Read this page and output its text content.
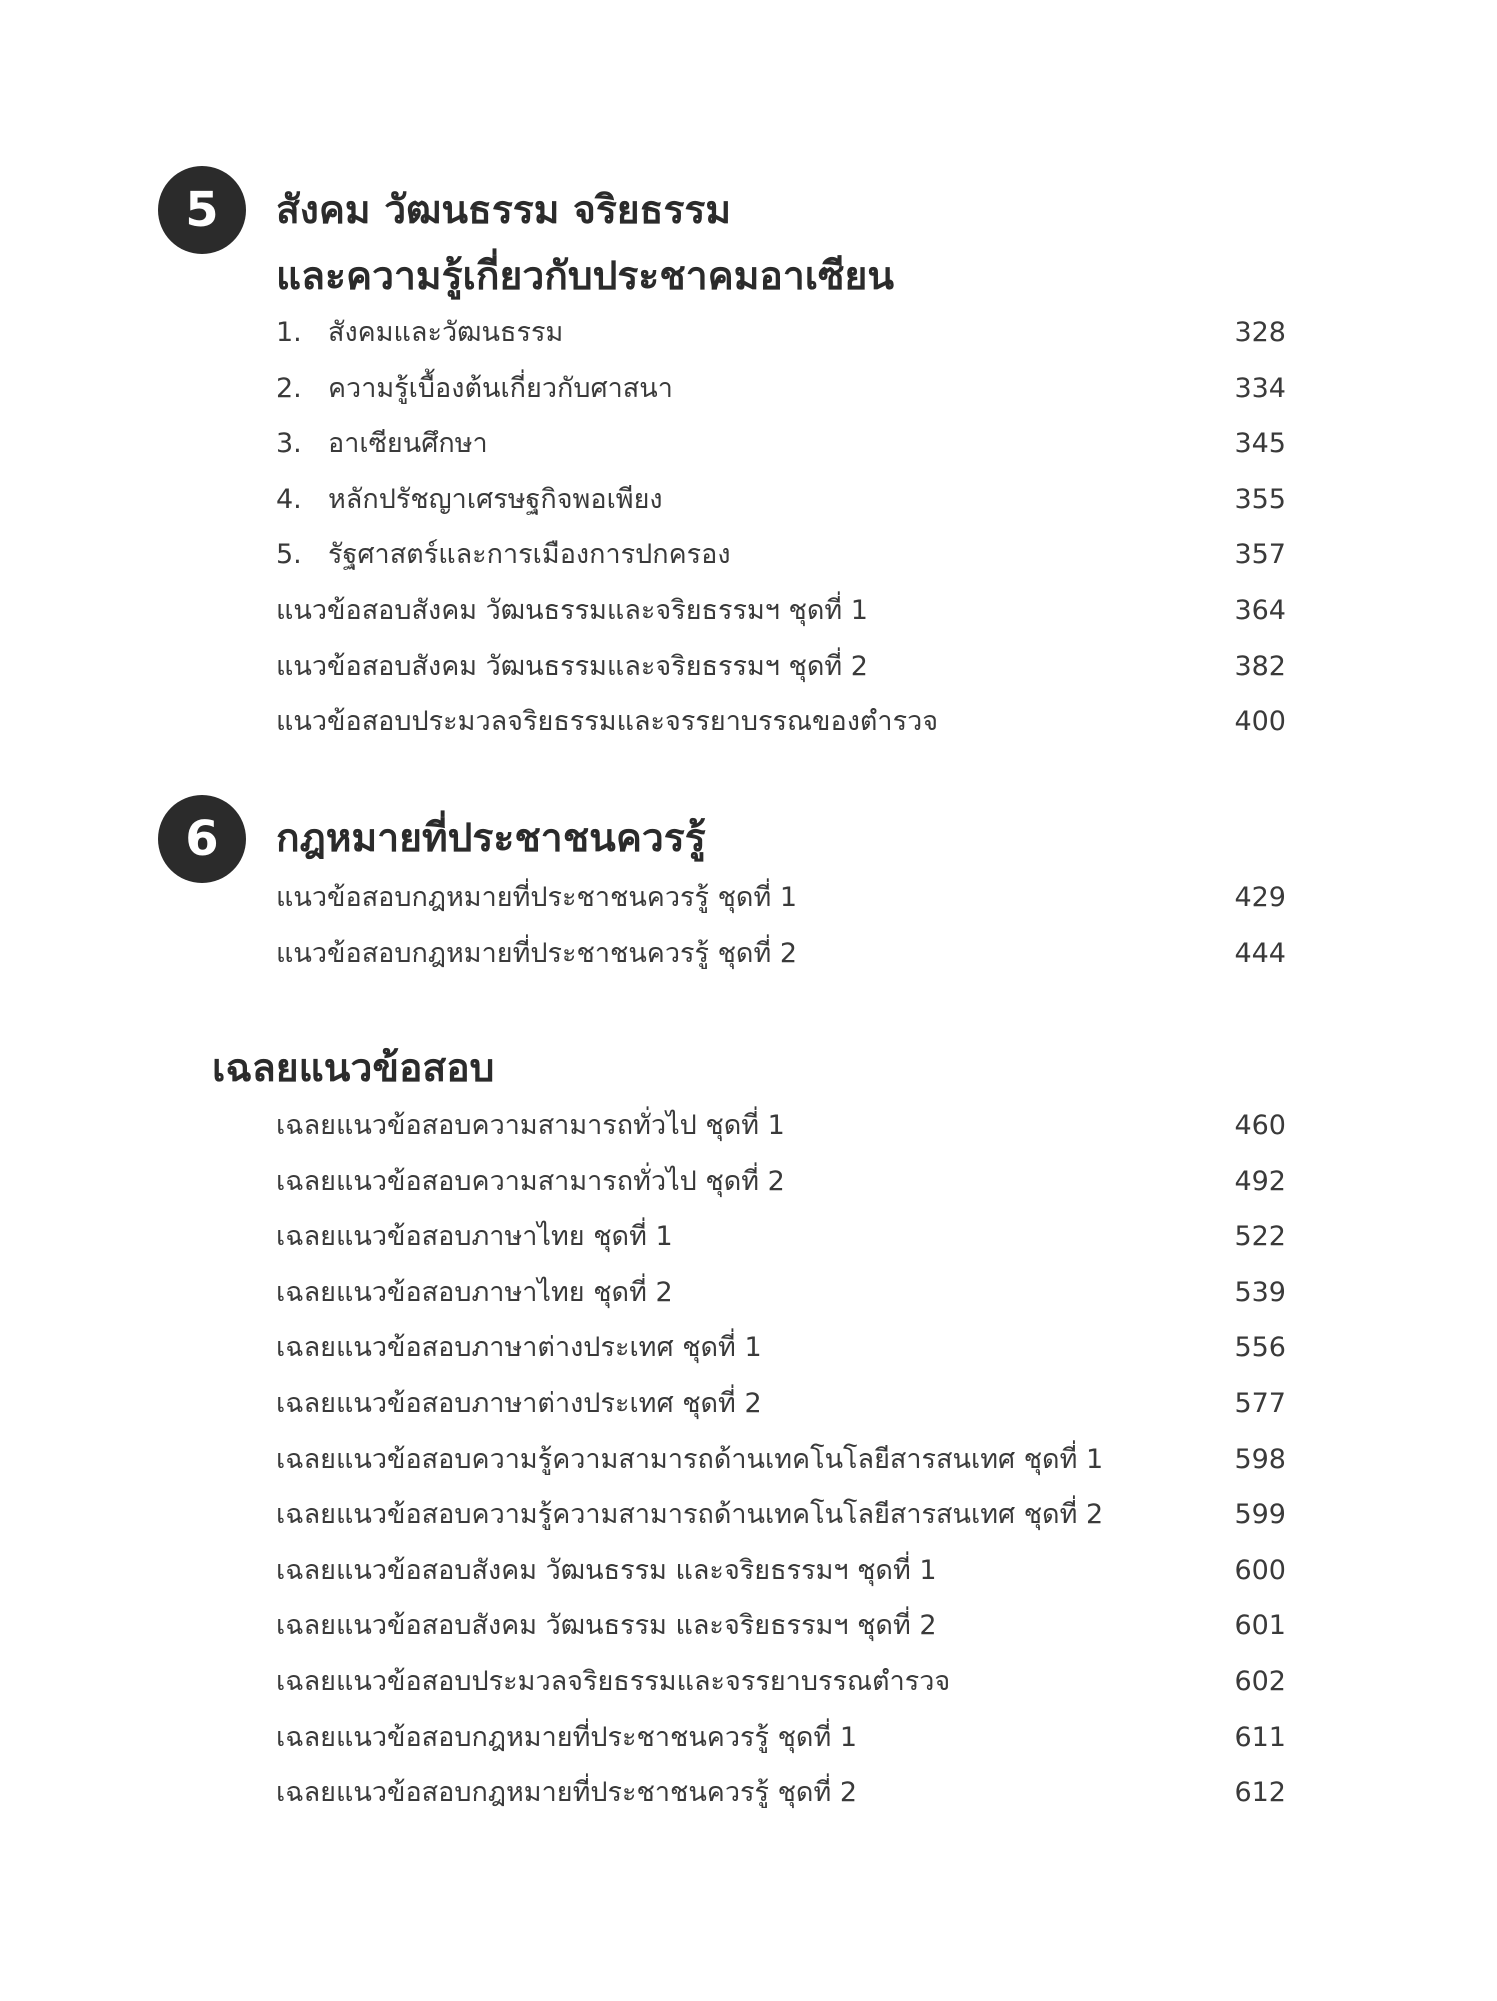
5	สังคม วัฒนธรรม จริยธรรม
และความรู้เกี่ยวกับประชาคมอาเซียน
1. สังคมและวัฒนธรรม	328
2. ความรู้เบื้องต้นเกี่ยวกับศาสนา	334
3. อาเซียนศึกษา	345
4. หลักปรัชญาเศรษฐกิจพอเพียง	355
5. รัฐศาสตร์และการเมืองการปกครอง	357
แนวข้อสอบสังคม วัฒนธรรมและจริยธรรมฯ ชุดที่ 1	364
แนวข้อสอบสังคม วัฒนธรรมและจริยธรรมฯ ชุดที่ 2	382
แนวข้อสอบประมวลจริยธรรมและจรรยาบรรณของตำรวจ	400
6	กฎหมายที่ประชาชนควรรู้
แนวข้อสอบกฎหมายที่ประชาชนควรรู้ ชุดที่ 1	429
แนวข้อสอบกฎหมายที่ประชาชนควรรู้ ชุดที่ 2	444
เฉลยแนวข้อสอบ
เฉลยแนวข้อสอบความสามารถทั่วไป ชุดที่ 1	460
เฉลยแนวข้อสอบความสามารถทั่วไป ชุดที่ 2	492
เฉลยแนวข้อสอบภาษาไทย ชุดที่ 1	522
เฉลยแนวข้อสอบภาษาไทย ชุดที่ 2	539
เฉลยแนวข้อสอบภาษาต่างประเทศ ชุดที่ 1	556
เฉลยแนวข้อสอบภาษาต่างประเทศ ชุดที่ 2	577
เฉลยแนวข้อสอบความรู้ความสามารถด้านเทคโนโลยีสารสนเทศ ชุดที่ 1	598
เฉลยแนวข้อสอบความรู้ความสามารถด้านเทคโนโลยีสารสนเทศ ชุดที่ 2	599
เฉลยแนวข้อสอบสังคม วัฒนธรรม และจริยธรรมฯ ชุดที่ 1	600
เฉลยแนวข้อสอบสังคม วัฒนธรรม และจริยธรรมฯ ชุดที่ 2	601
เฉลยแนวข้อสอบประมวลจริยธรรมและจรรยาบรรณตำรวจ	602
เฉลยแนวข้อสอบกฎหมายที่ประชาชนควรรู้ ชุดที่ 1	611
เฉลยแนวข้อสอบกฎหมายที่ประชาชนควรรู้ ชุดที่ 2	612
